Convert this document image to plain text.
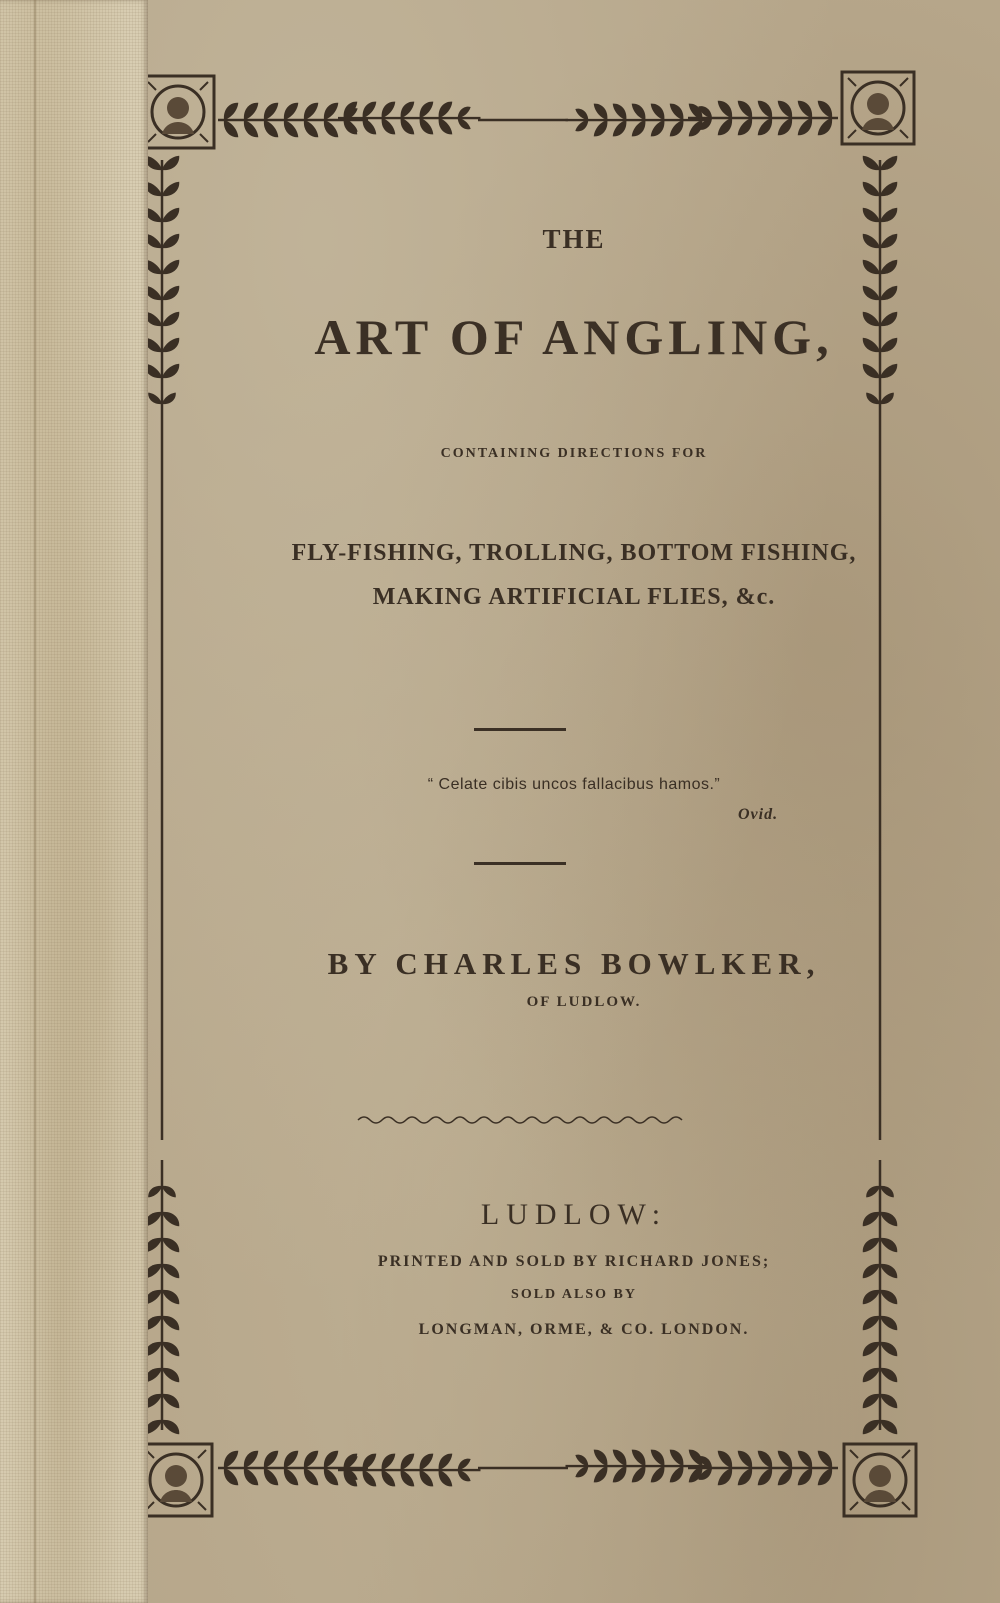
THE
ART OF ANGLING,
CONTAINING DIRECTIONS FOR
FLY-FISHING, TROLLING, BOTTOM FISHING,
MAKING ARTIFICIAL FLIES, &c.
“ Celate cibis uncos fallacibus hamos.”
Ovid.
BY CHARLES BOWLKER,
OF LUDLOW.
LUDLOW:
PRINTED AND SOLD BY RICHARD JONES;
SOLD ALSO BY
LONGMAN, ORME, & CO. LONDON.
